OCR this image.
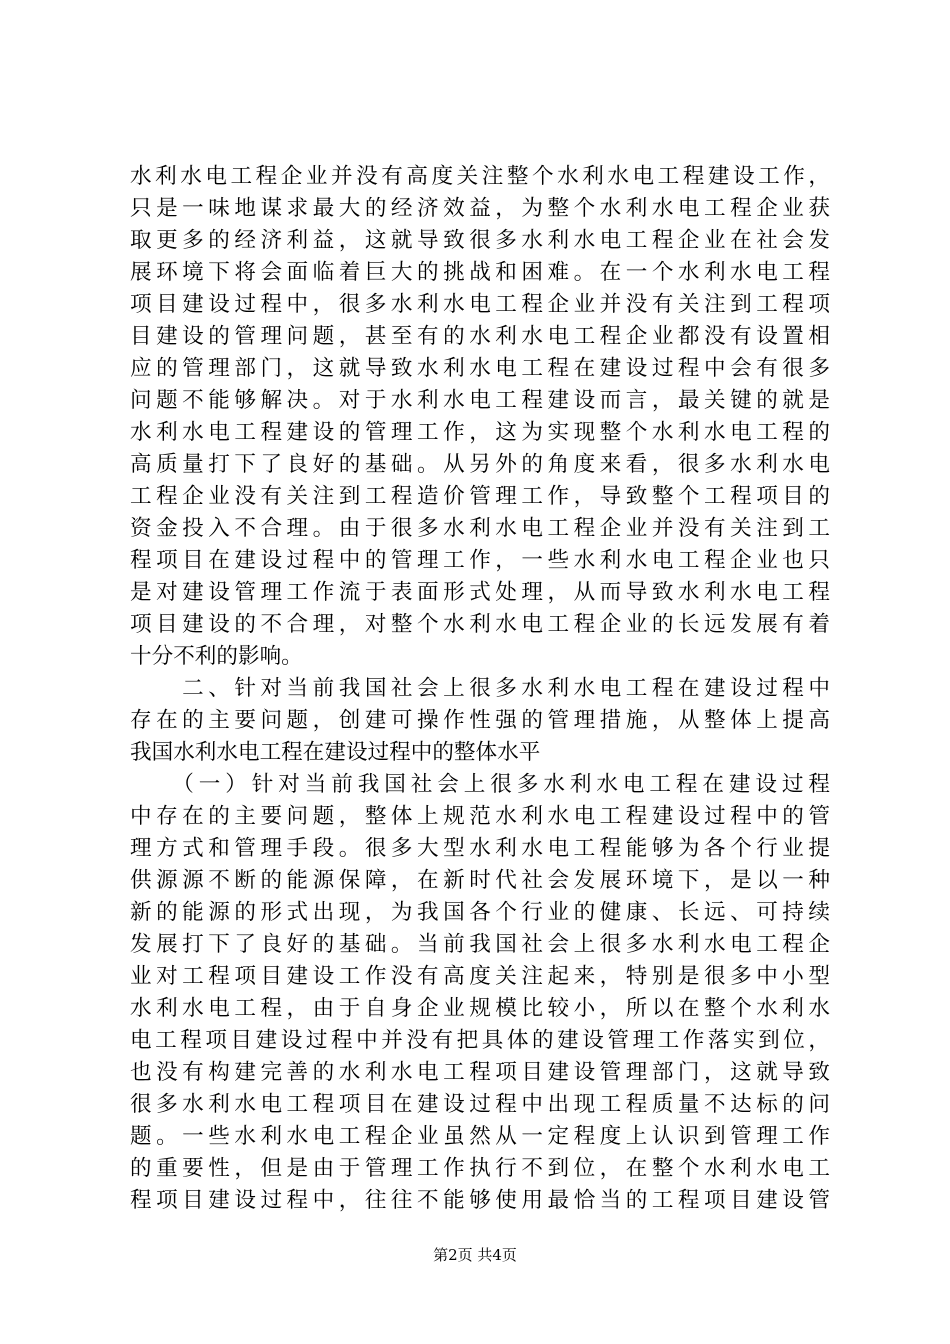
水利水电工程企业并没有高度关注整个水利水电工程建设工作，
只是一味地谋求最大的经济效益，为整个水利水电工程企业获
取更多的经济利益，这就导致很多水利水电工程企业在社会发
展环境下将会面临着巨大的挑战和困难。在一个水利水电工程
项目建设过程中，很多水利水电工程企业并没有关注到工程项
目建设的管理问题，甚至有的水利水电工程企业都没有设置相
应的管理部门，这就导致水利水电工程在建设过程中会有很多
问题不能够解决。对于水利水电工程建设而言，最关键的就是
水利水电工程建设的管理工作，这为实现整个水利水电工程的
高质量打下了良好的基础。从另外的角度来看，很多水利水电
工程企业没有关注到工程造价管理工作，导致整个工程项目的
资金投入不合理。由于很多水利水电工程企业并没有关注到工
程项目在建设过程中的管理工作，一些水利水电工程企业也只
是对建设管理工作流于表面形式处理，从而导致水利水电工程
项目建设的不合理，对整个水利水电工程企业的长远发展有着
十分不利的影响。
　　二、针对当前我国社会上很多水利水电工程在建设过程中
存在的主要问题，创建可操作性强的管理措施，从整体上提高
我国水利水电工程在建设过程中的整体水平
　　（一）针对当前我国社会上很多水利水电工程在建设过程
中存在的主要问题，整体上规范水利水电工程建设过程中的管
理方式和管理手段。很多大型水利水电工程能够为各个行业提
供源源不断的能源保障，在新时代社会发展环境下，是以一种
新的能源的形式出现，为我国各个行业的健康、长远、可持续
发展打下了良好的基础。当前我国社会上很多水利水电工程企
业对工程项目建设工作没有高度关注起来，特别是很多中小型
水利水电工程，由于自身企业规模比较小，所以在整个水利水
电工程项目建设过程中并没有把具体的建设管理工作落实到位，
也没有构建完善的水利水电工程项目建设管理部门，这就导致
很多水利水电工程项目在建设过程中出现工程质量不达标的问
题。一些水利水电工程企业虽然从一定程度上认识到管理工作
的重要性，但是由于管理工作执行不到位，在整个水利水电工
程项目建设过程中，往往不能够使用最恰当的工程项目建设管
第2页 共4页
